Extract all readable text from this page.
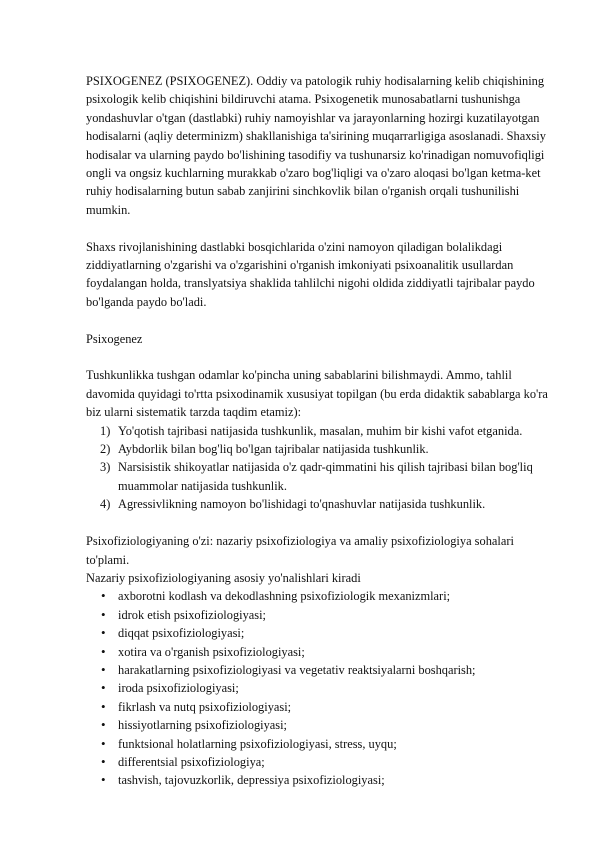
PSIXOGENEZ (PSIXOGENEZ). Oddiy va patologik ruhiy hodisalarning kelib chiqishining psixologik kelib chiqishini bildiruvchi atama. Psixogenetik munosabatlarni tushunishga yondashuvlar o'tgan (dastlabki) ruhiy namoyishlar va jarayonlarning hozirgi kuzatilayotgan hodisalarni (aqliy determinizm) shakllanishiga ta'sirining muqarrarligiga asoslanadi. Shaxsiy hodisalar va ularning paydo bo'lishining tasodifiy va tushunarsiz ko'rinadigan nomuvofiqligi ongli va ongsiz kuchlarning murakkab o'zaro bog'liqligi va o'zaro aloqasi bo'lgan ketma-ket ruhiy hodisalarning butun sabab zanjirini sinchkovlik bilan o'rganish orqali tushunilishi mumkin.

Shaxs rivojlanishining dastlabki bosqichlarida o'zini namoyon qiladigan bolalikdagi ziddiyatlarning o'zgarishi va o'zgarishini o'rganish imkoniyati psixoanalitik usullardan foydalangan holda, translyatsiya shaklida tahlilchi nigohi oldida ziddiyatli tajribalar paydo bo'lganda paydo bo'ladi.

Psixogenez

Tushkunlikka tushgan odamlar ko'pincha uning sabablarini bilishmaydi. Ammo, tahlil davomida quyidagi to'rtta psixodinamik xususiyat topilgan (bu erda didaktik sabablarga ko'ra biz ularni sistematik tarzda taqdim etamiz):

1) Yo'qotish tajribasi natijasida tushkunlik, masalan, muhim bir kishi vafot etganida.
2) Aybdorlik bilan bog'liq bo'lgan tajribalar natijasida tushkunlik.
3) Narsisistik shikoyatlar natijasida o'z qadr-qimmatini his qilish tajribasi bilan bog'liq muammolar natijasida tushkunlik.
4) Agressivlikning namoyon bo'lishidagi to'qnashuvlar natijasida tushkunlik.

Psixofiziologiyaning o'zi: nazariy psixofiziologiya va amaliy psixofiziologiya sohalari to'plami.

Nazariy psixofiziologiyaning asosiy yo'nalishlari kiradi

• axborotni kodlash va dekodlashning psixofiziologik mexanizmlari;
• idrok etish psixofiziologiyasi;
• diqqat psixofiziologiyasi;
• xotira va o'rganish psixofiziologiyasi;
• harakatlarning psixofiziologiyasi va vegetativ reaktsiyalarni boshqarish;
• iroda psixofiziologiyasi;
• fikrlash va nutq psixofiziologiyasi;
• hissiyotlarning psixofiziologiyasi;
• funktsional holatlarning psixofiziologiyasi, stress, uyqu;
• differentsial psixofiziologiya;
• tashvish, tajovuzkorlik, depressiya psixofiziologiyasi;
